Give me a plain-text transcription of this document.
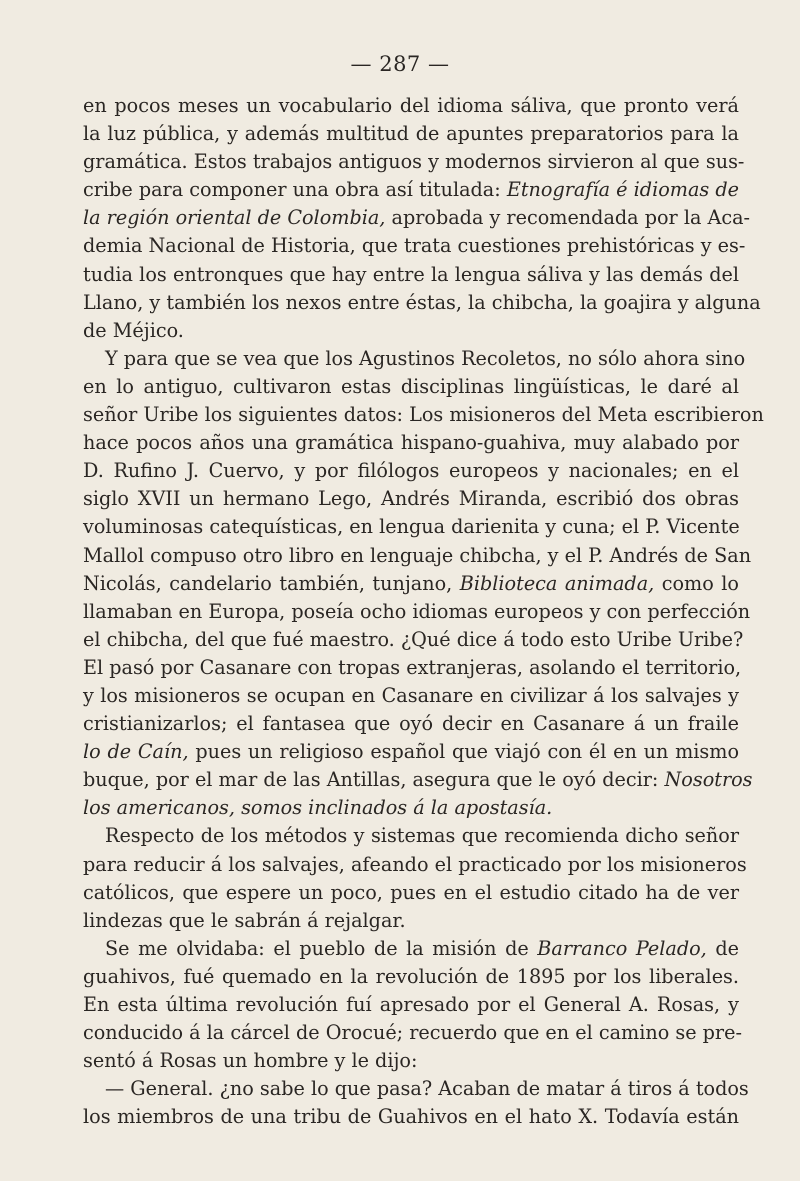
— 287 —
en pocos meses un vocabulario del idioma sáliva, que pronto verá
la luz pública, y además multitud de apuntes preparatorios para la
gramática. Estos trabajos antiguos y modernos sirvieron al que sus-
cribe para componer una obra así titulada: Etnografía é idiomas de
la región oriental de Colombia, aprobada y recomendada por la Aca-
demia Nacional de Historia, que trata cuestiones prehistóricas y es-
tudia los entronques que hay entre la lengua sáliva y las demás del
Llano, y también los nexos entre éstas, la chibcha, la goajira y alguna
de Méjico.
Y para que se vea que los Agustinos Recoletos, no sólo ahora sino
en lo antiguo, cultivaron estas disciplinas lingüísticas, le daré al
señor Uribe los siguientes datos: Los misioneros del Meta escribieron
hace pocos años una gramática hispano-guahiva, muy alabado por
D. Rufino J. Cuervo, y por filólogos europeos y nacionales; en el
siglo XVII un hermano Lego, Andrés Miranda, escribió dos obras
voluminosas catequísticas, en lengua darienita y cuna; el P. Vicente
Mallol compuso otro libro en lenguaje chibcha, y el P. Andrés de San
Nicolás, candelario también, tunjano, Biblioteca animada, como lo
llamaban en Europa, poseía ocho idiomas europeos y con perfección
el chibcha, del que fué maestro. ¿Qué dice á todo esto Uribe Uribe?
El pasó por Casanare con tropas extranjeras, asolando el territorio,
y los misioneros se ocupan en Casanare en civilizar á los salvajes y
cristianizarlos; el fantasea que oyó decir en Casanare á un fraile
lo de Caín, pues un religioso español que viajó con él en un mismo
buque, por el mar de las Antillas, asegura que le oyó decir: Nosotros
los americanos, somos inclinados á la apostasía.
Respecto de los métodos y sistemas que recomienda dicho señor
para reducir á los salvajes, afeando el practicado por los misioneros
católicos, que espere un poco, pues en el estudio citado ha de ver
lindezas que le sabrán á rejalgar.
Se me olvidaba: el pueblo de la misión de Barranco Pelado, de
guahivos, fué quemado en la revolución de 1895 por los liberales.
En esta última revolución fuí apresado por el General A. Rosas, y
conducido á la cárcel de Orocué; recuerdo que en el camino se pre-
sentó á Rosas un hombre y le dijo:
— General. ¿no sabe lo que pasa? Acaban de matar á tiros á todos
los miembros de una tribu de Guahivos en el hato X. Todavía están
